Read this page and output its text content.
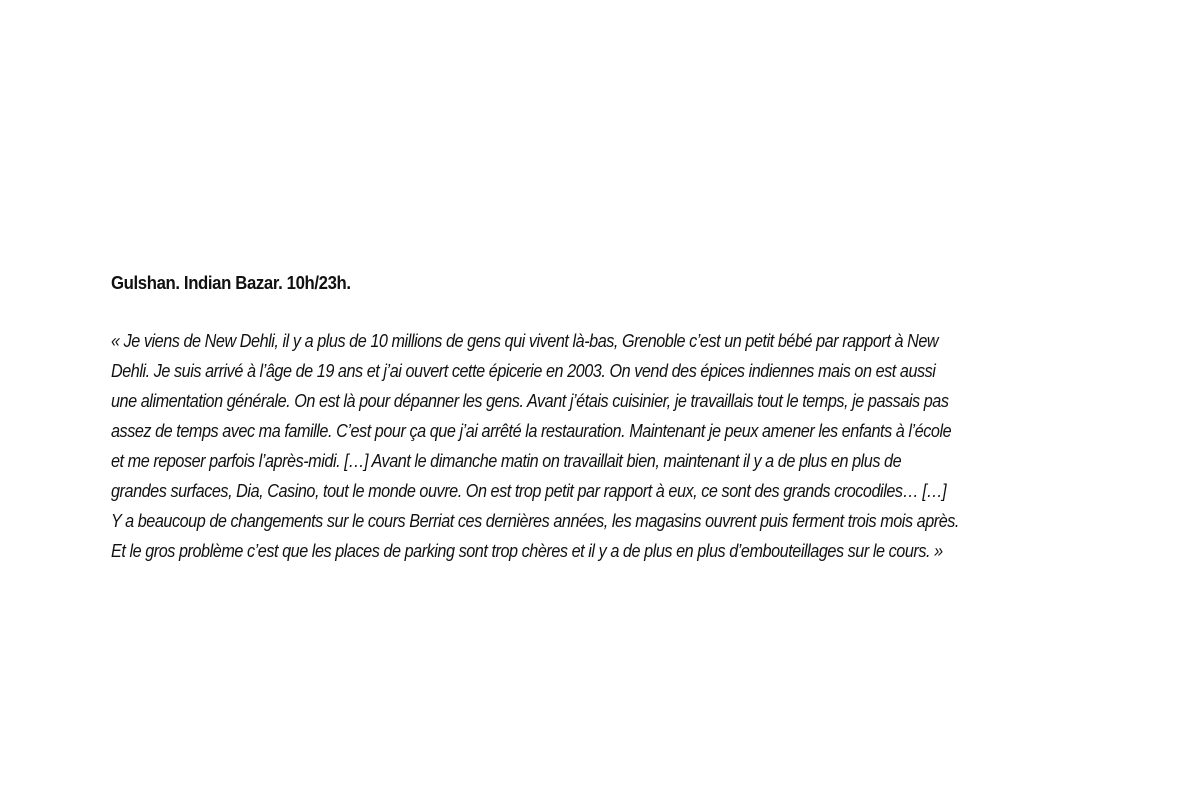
Gulshan. Indian Bazar. 10h/23h.
« Je viens de New Dehli, il y a plus de 10 millions de gens qui vivent là-bas, Grenoble c’est un petit bébé par rapport à New
Dehli. Je suis arrivé à l’âge de 19 ans et j’ai ouvert cette épicerie en 2003. On vend des épices indiennes mais on est aussi
une alimentation générale. On est là pour dépanner les gens. Avant j’étais cuisinier, je travaillais tout le temps, je passais pas
assez de temps avec ma famille. C’est pour ça que j’ai arrêté la restauration. Maintenant je peux amener les enfants à l’école
et me reposer parfois l’après-midi. […] Avant le dimanche matin on travaillait bien, maintenant il y a de plus en plus de
grandes surfaces, Dia, Casino, tout le monde ouvre. On est trop petit par rapport à eux, ce sont des grands crocodiles… […]
Y a beaucoup de changements sur le cours Berriat ces dernières années, les magasins ouvrent puis ferment trois mois après.
Et le gros problème c’est que les places de parking sont trop chères et il y a de plus en plus d’embouteillages sur le cours. »
